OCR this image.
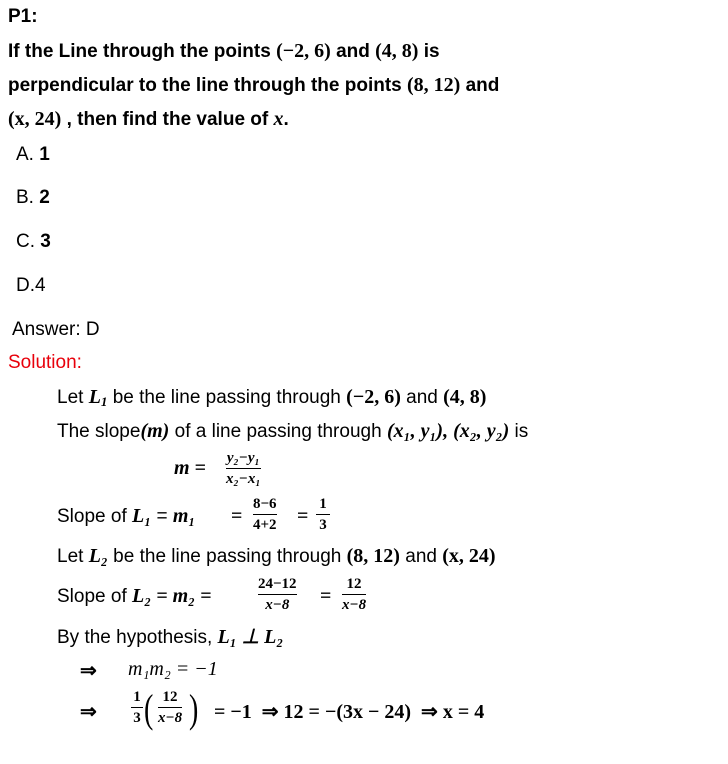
P1:
If the Line through the points (−2, 6) and (4, 8) is
perpendicular to the line through the points (8, 12) and
(x, 24) , then find the value of x.
A. 1
B. 2
C. 3
D.4
Answer: D
Solution:
Let $L_1$ be the line passing through (−2, 6) and (4, 8)
The slope(m) of a line passing through (x₁, y₁), (x₂, y₂) is
m = y₂−y₁
x₂−x₁
Slope of L₁ = m₁ =
8−6
4+2 =
1
3
Let L₂ be the line passing through (8, 12) and (x, 24)
Slope of L₂ = m₂ =
24−12
x−8	=
12
x−8
By the hypothesis, L₁ ⊥ L₂
⇒ m₁m₂ = −1
⇒
1
3 ( 12
x−8 ) = −1  ⇒ 12 = −(3x − 24)  ⇒ x = 4
